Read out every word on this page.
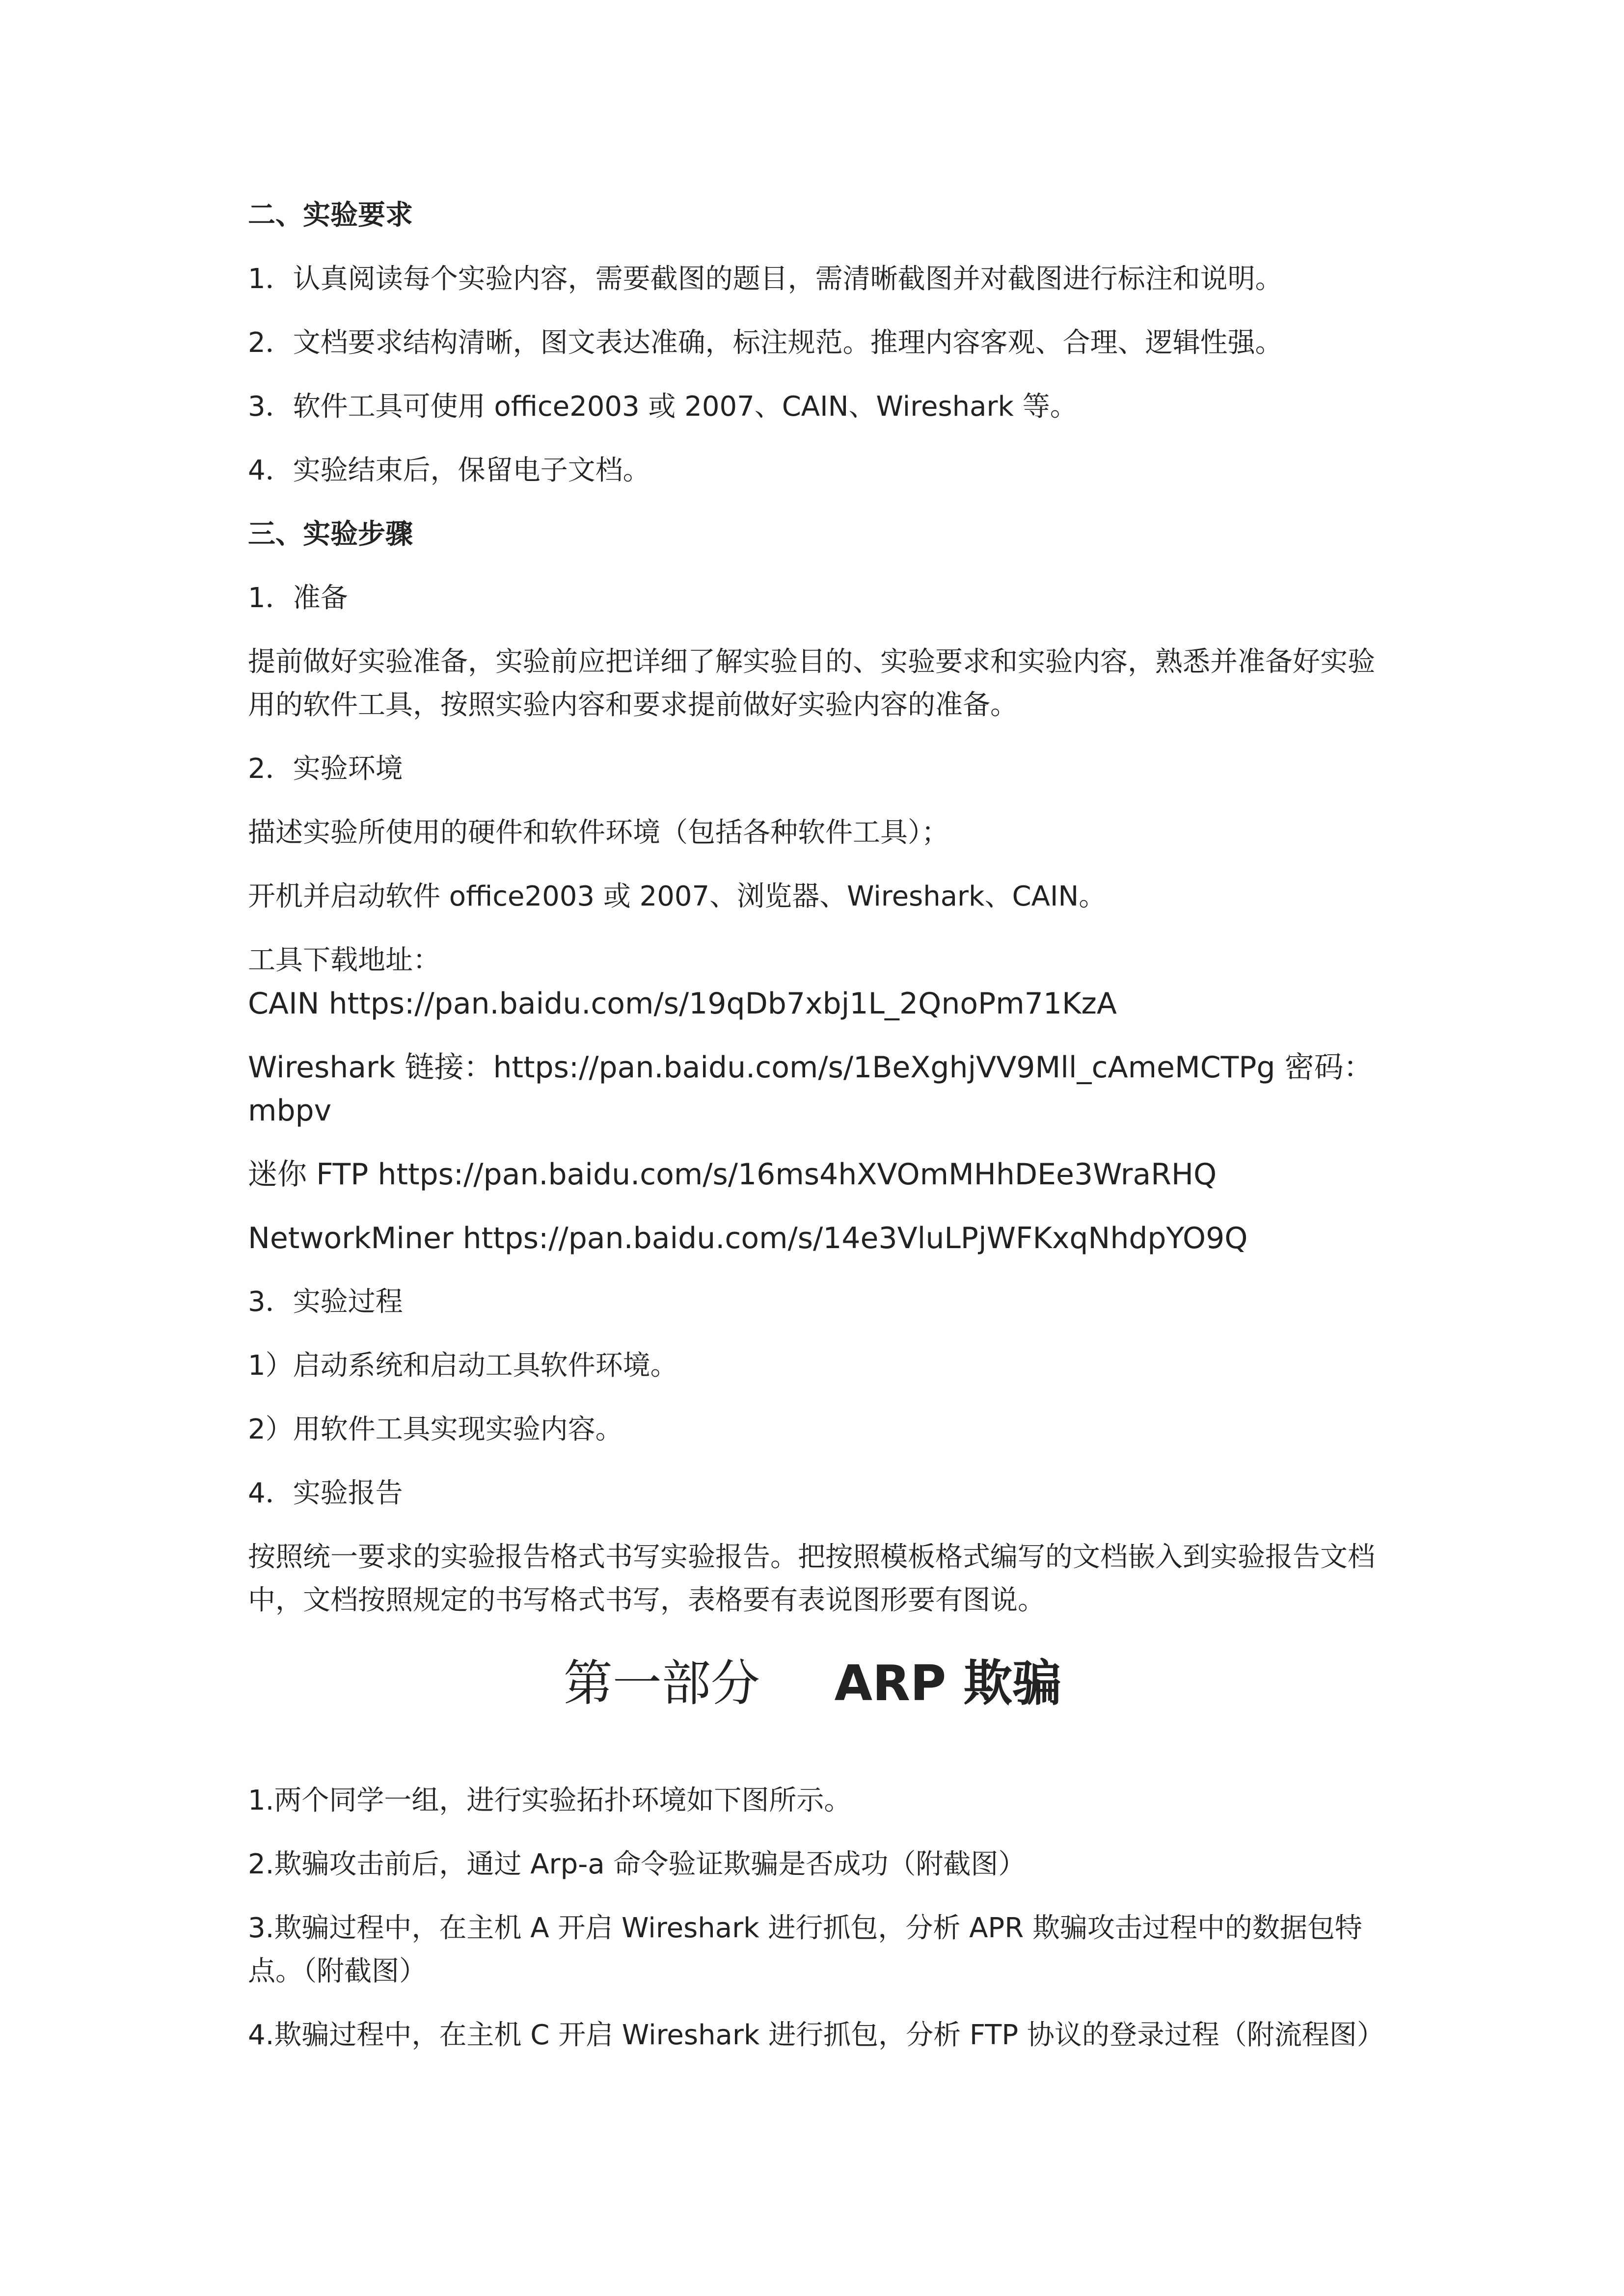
二、实验要求
1．认真阅读每个实验内容，需要截图的题目，需清晰截图并对截图进行标注和说明。
2．文档要求结构清晰，图文表达准确，标注规范。推理内容客观、合理、逻辑性强。
3．软件工具可使用 office2003 或 2007、CAIN、Wireshark 等。
4．实验结束后，保留电子文档。
三、实验步骤
1．准备
提前做好实验准备，实验前应把详细了解实验目的、实验要求和实验内容，熟悉并准备好实验用的软件工具，按照实验内容和要求提前做好实验内容的准备。
2．实验环境
描述实验所使用的硬件和软件环境（包括各种软件工具）；
开机并启动软件 office2003 或 2007、浏览器、Wireshark、CAIN。
工具下载地址：
CAIN https://pan.baidu.com/s/19qDb7xbj1L_2QnoPm71KzA
Wireshark 链接：https://pan.baidu.com/s/1BeXghjVV9Mll_cAmeMCTPg 密码：mbpv
迷你 FTP https://pan.baidu.com/s/16ms4hXVOmMHhDEe3WraRHQ
NetworkMiner https://pan.baidu.com/s/14e3VluLPjWFKxqNhdpYO9Q
3．实验过程
1）启动系统和启动工具软件环境。
2）用软件工具实现实验内容。
4．实验报告
按照统一要求的实验报告格式书写实验报告。把按照模板格式编写的文档嵌入到实验报告文档中，文档按照规定的书写格式书写，表格要有表说图形要有图说。
第一部分 ARP 欺骗
1.两个同学一组，进行实验拓扑环境如下图所示。
2.欺骗攻击前后，通过 Arp-a 命令验证欺骗是否成功（附截图）
3.欺骗过程中，在主机 A 开启 Wireshark 进行抓包，分析 APR 欺骗攻击过程中的数据包特点。（附截图）
4.欺骗过程中，在主机 C 开启 Wireshark 进行抓包，分析 FTP 协议的登录过程（附流程图）
